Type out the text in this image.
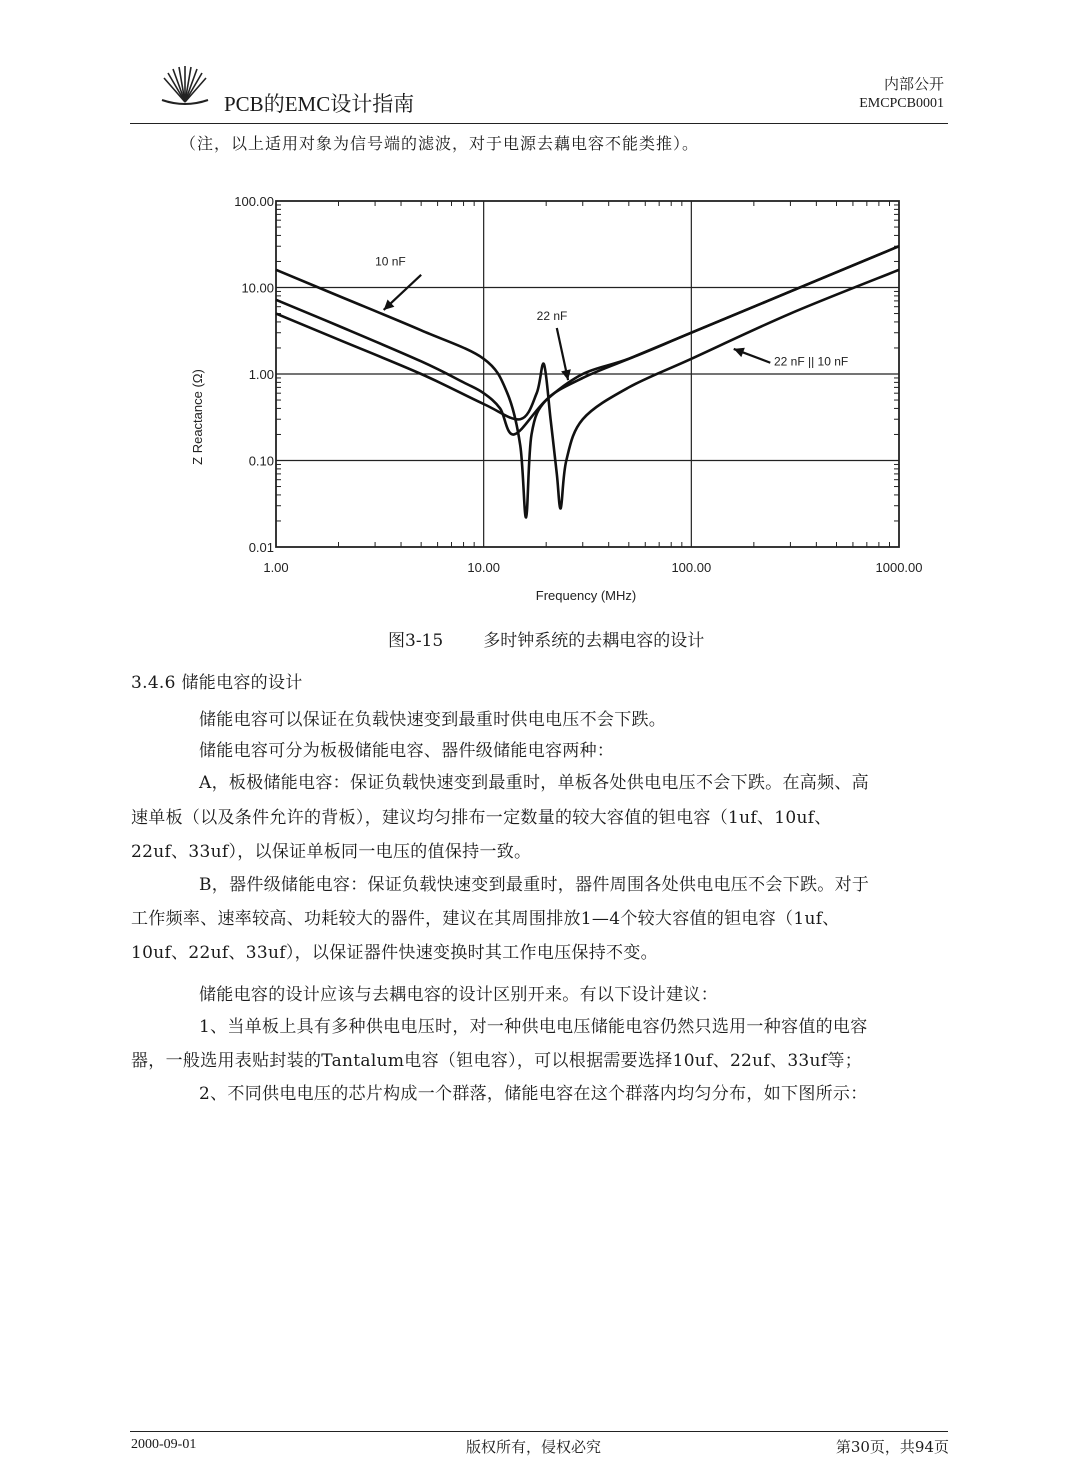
PCB的EMC设计指南
内部公开
EMCPCB0001
（注，以上适用对象为信号端的滤波，对于电源去藕电容不能类推）。
Frequency (MHz)
Z Reactance (Ω)
1.00	10.00	100.00	1000.00
100.00
10.00
1.00
0.10
0.01
10 nF
22 nF
22 nF || 10 nF
图3-15 多时钟系统的去耦电容的设计
3.4.6 储能电容的设计
储能电容可以保证在负载快速变到最重时供电电压不会下跌。
储能电容可分为板极储能电容、器件级储能电容两种：
A，板极储能电容：保证负载快速变到最重时，单板各处供电电压不会下跌。在高频、高
速单板（以及条件允许的背板），建议均匀排布一定数量的较大容值的钽电容（1uf、10uf、
22uf、33uf），以保证单板同一电压的值保持一致。
B，器件级储能电容：保证负载快速变到最重时，器件周围各处供电电压不会下跌。对于
工作频率、速率较高、功耗较大的器件，建议在其周围排放1—4个较大容值的钽电容（1uf、
10uf、22uf、33uf），以保证器件快速变换时其工作电压保持不变。
储能电容的设计应该与去耦电容的设计区别开来。有以下设计建议：
1、当单板上具有多种供电电压时，对一种供电电压储能电容仍然只选用一种容值的电容
器，一般选用表贴封装的Tantalum电容（钽电容），可以根据需要选择10uf、22uf、33uf等；
2、不同供电电压的芯片构成一个群落，储能电容在这个群落内均匀分布，如下图所示：
2000-09-01	版权所有，侵权必究	第30页，共94页
